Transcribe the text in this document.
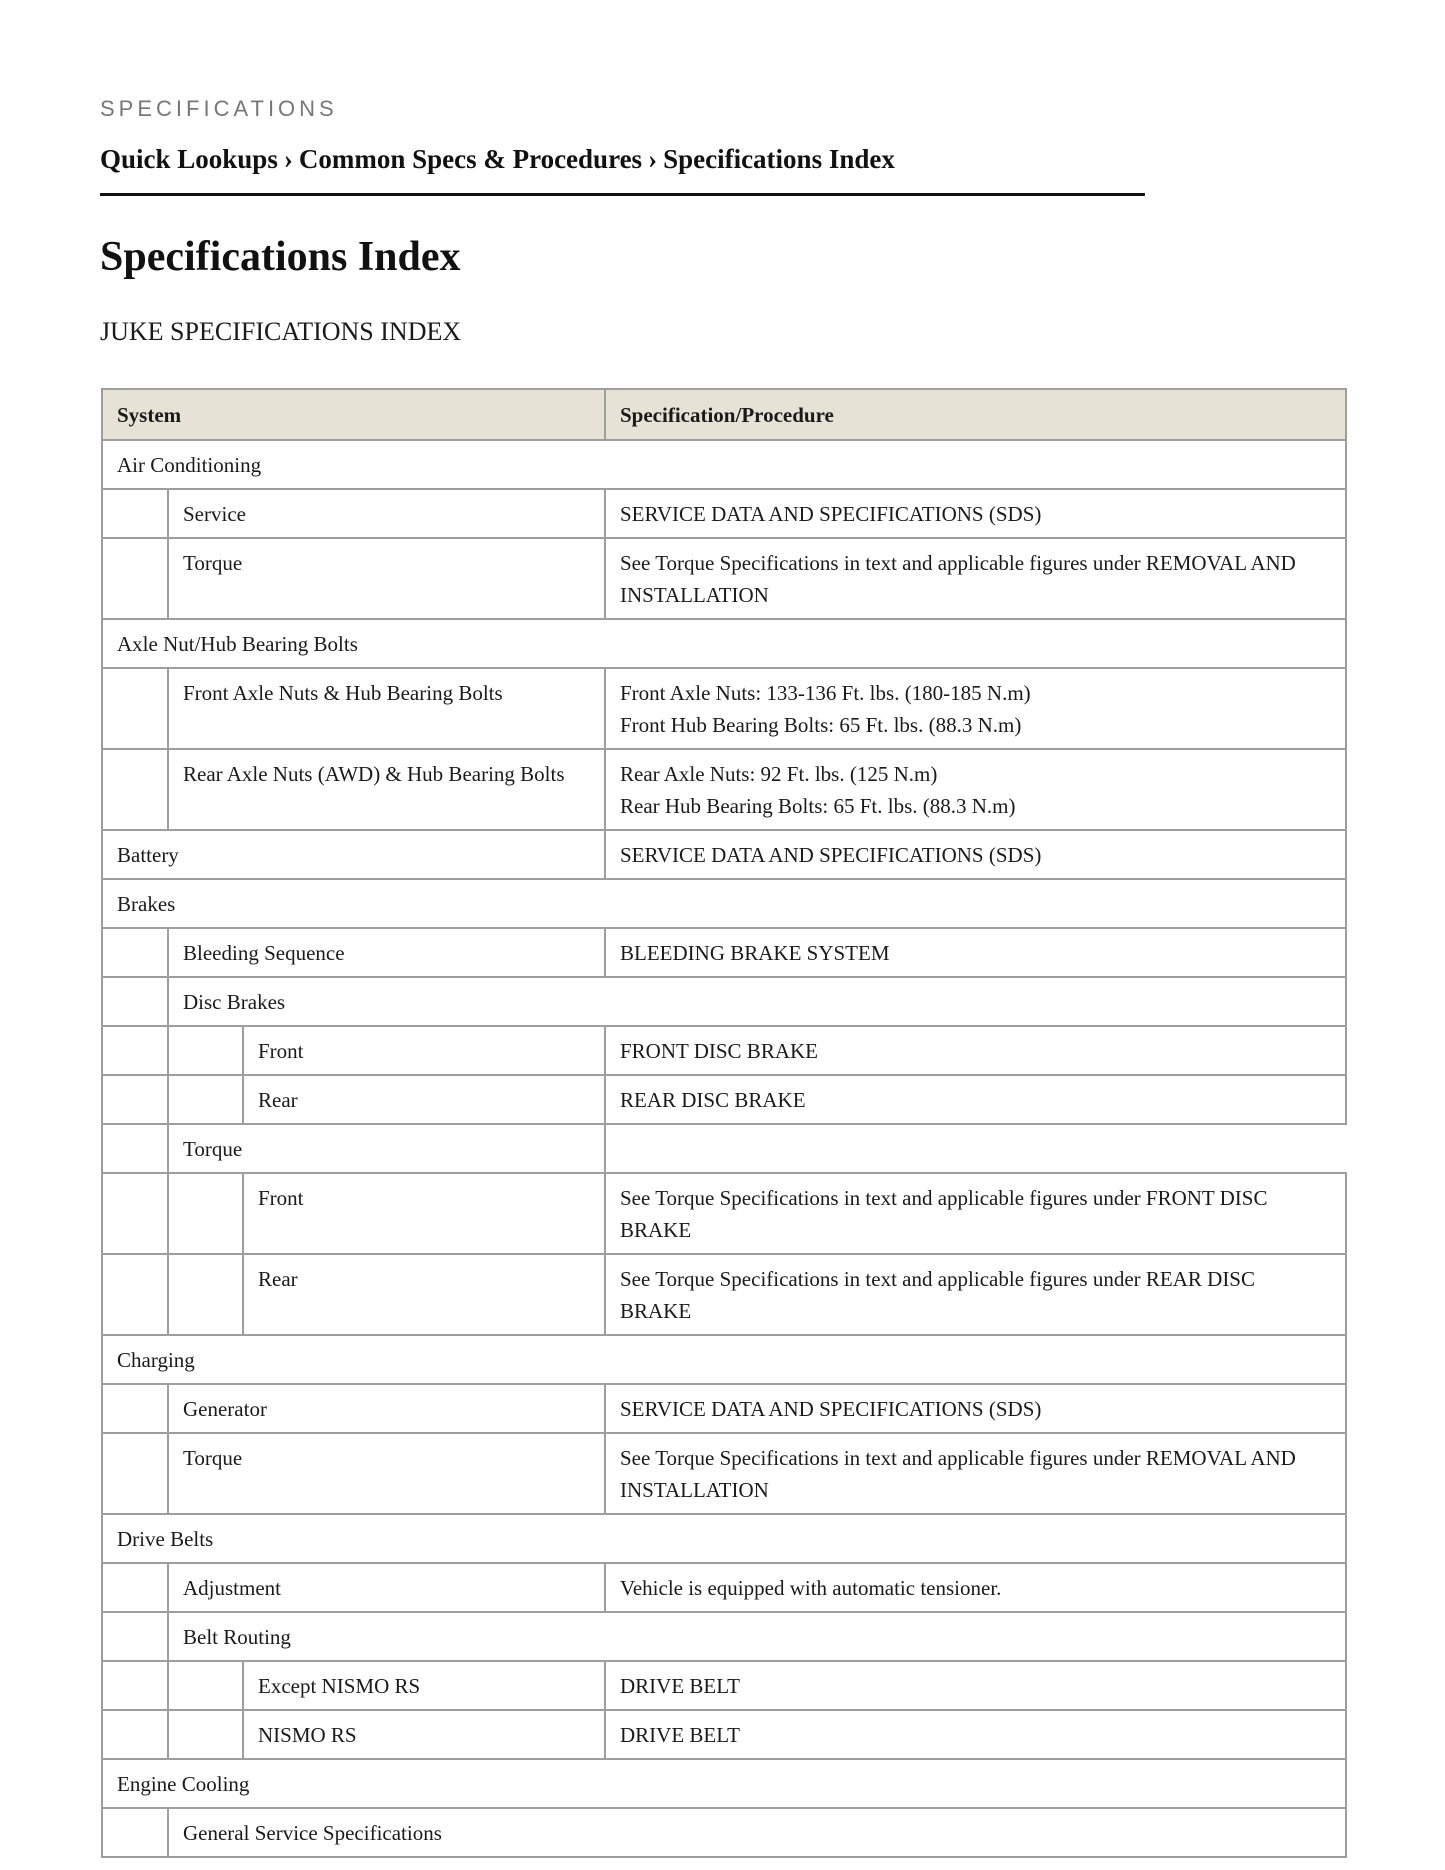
SPECIFICATIONS

Quick Lookups › Common Specs & Procedures › Specifications Index
Specifications Index

JUKE SPECIFICATIONS INDEX

System			Specification/Procedure
Air Conditioning			
	Service		SERVICE DATA AND SPECIFICATIONS (SDS)

	Torque		See Torque Specifications in text and applicable figures under REMOVAL AND INSTALLATION

Axle Nut/Hub Bearing Bolts			
	Front Axle Nuts & Hub Bearing Bolts		Front Axle Nuts: 133-136 Ft. lbs. (180-185 N.m)
Front Hub Bearing Bolts: 65 Ft. lbs. (88.3 N.m)

	Rear Axle Nuts (AWD) & Hub Bearing Bolts		Rear Axle Nuts: 92 Ft. lbs. (125 N.m)
Rear Hub Bearing Bolts: 65 Ft. lbs. (88.3 N.m)

Battery			SERVICE DATA AND SPECIFICATIONS (SDS)

Brakes			
	Bleeding Sequence		BLEEDING BRAKE SYSTEM

	Disc Brakes		
		Front	FRONT DISC BRAKE

		Rear	REAR DISC BRAKE

	Torque		
		Front	See Torque Specifications in text and applicable figures under FRONT DISC BRAKE

		Rear	See Torque Specifications in text and applicable figures under REAR DISC BRAKE

Charging			
	Generator		SERVICE DATA AND SPECIFICATIONS (SDS)

	Torque		See Torque Specifications in text and applicable figures under REMOVAL AND INSTALLATION

Drive Belts			
	Adjustment		Vehicle is equipped with automatic tensioner.

	Belt Routing		
		Except NISMO RS	DRIVE BELT

		NISMO RS	DRIVE BELT

Engine Cooling			
	General Service Specifications		
